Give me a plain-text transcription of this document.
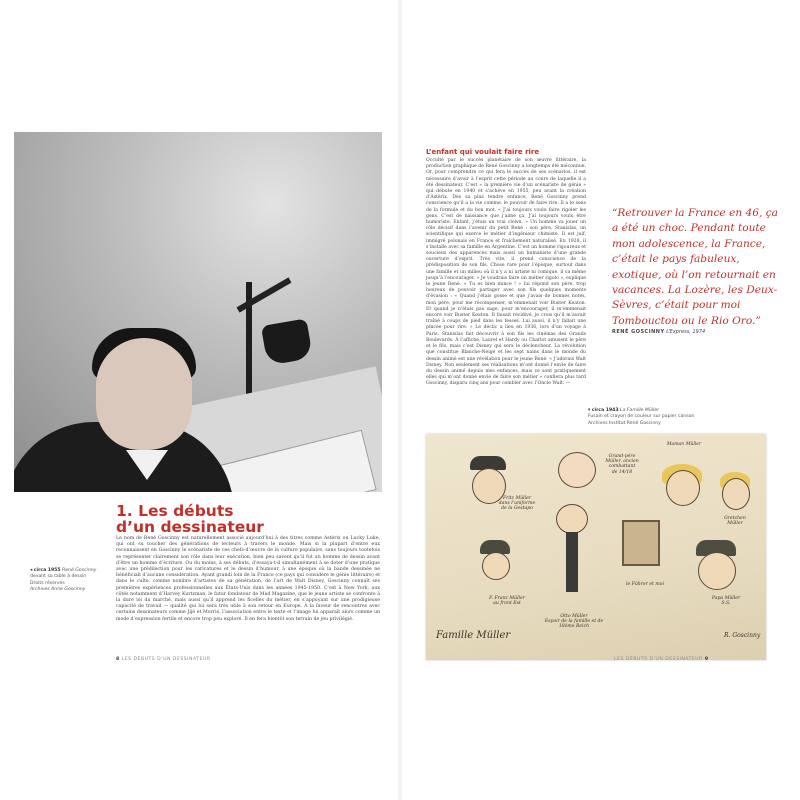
◂ circa 1955 René Goscinny
devant sa table à dessin
Droits réservés
Archives Anne Goscinny
1. Les débuts
d’un dessinateur

Le nom de René Goscinny est naturellement associé aujourd’hui à des titres comme Astérix ou Lucky Luke, qui ont su toucher des générations de lecteurs à travers le monde. Mais si la plupart d’entre eux reconnaissent en Goscinny le scénariste de ces chefs-d’œuvre de la culture populaire, sans toujours toutefois se représenter clairement son rôle dans leur exécution, bien peu savent qu’il fut un homme de dessin avant d’être un homme d’écriture. Ou du moins, à ses débuts, d’essaya-t-il simultanément à se doter d’une pratique avec une prédilection pour les caricatures et le dessin d’humour, à une époque où la bande dessinée ne bénéficiait d’aucune considération. Ayant grandi loin de la France (ce pays qui considère le génie littéraire) et dans le culte, comme nombre d’artistes de sa génération, de l’art de Walt Disney, Goscinny connaît ses premières expériences professionnelles aux États-Unis dans les années 1945-1950. C’est à New York, aux côtés notamment d’Harvey Kurtzman, le futur fondateur de Mad Magazine, que le jeune artiste se confronte à la dure loi du marché, mais aussi qu’il apprend les ficelles du métier, en s’appuyant sur une prodigieuse capacité de travail — qualité qui lui sera très utile à son retour en Europe. À la faveur de rencontres avec certains dessinateurs comme Jijé et Morris, l’association entre le texte et l’image lui apparaît alors comme un mode d’expression fertile et encore trop peu exploré. Il en fera bientôt son terrain de jeu privilégié.

8 LES DÉBUTS D’UN DESSINATEUR
L’enfant qui voulait faire rire

Occulté par le succès planétaire de son œuvre littéraire, la production graphique de René Goscinny a longtemps été méconnue. Or, pour comprendre ce qui fera le succès de ses scénarios, il est nécessaire d’avoir à l’esprit cette période au cours de laquelle il a été dessinateur. C’est « la première vie d’un scénariste de génie » qui débute en 1940 et s’achève en 1955, peu avant la création d’Astérix. Dès sa plus tendre enfance, René Goscinny prend conscience qu’il a la vie comme, le pouvoir de faire rire. Il a le sens de la formule et du bon mot. « J’ai toujours voulu faire rigoler les gens. C’est de naissance que j’aime ça. J’ai toujours voulu être humoriste. Enfant, j’étais un vrai clown. » Un homme va jouer un rôle décisif dans l’avenir du petit René : son père, Stanislas, un scientifique qui exerce le métier d’ingénieur chimiste. Il est juif, immigré polonais en France et fraîchement naturalisé. En 1928, il s’installe avec sa famille en Argentine. C’est un homme rigoureux et soucieux des apparences mais aussi un humaniste d’une grande ouverture d’esprit. Très vite, il prend conscience de la prédisposition de son fils. Chose rare pour l’époque, surtout dans une famille et un milieu où il n’y a ni artiste ni comique, il va même jusqu’à l’encourager. « Je voudrais faire un métier rigolo », explique le jeune René. « Tu es bien mince ! » lui répond son père, trop heureux de pouvoir partager avec son fils quelques moments d’évasion : « Quand j’étais gosse et que j’avais de bonnes notes, mon père, pour me récompenser, m’emmenait voir Buster Keaton. Et quand je n’étais pas sage, pour m’encourager, il m’emmenait encore voir Buster Keaton. Il faisait récidivé, je crois qu’il m’aurait traîné à coups de pied dans les fesses. Lui aussi, il n’y fallait une pincée pour rire. » Le déclic a lieu en 1936, lors d’un voyage à Paris. Stanislas fait découvrir à son fils les cinémas des Grands Boulevards. À l’affiche, Laurel et Hardy ou Charlot amusent le père et le fils, mais c’est Disney qui sera le déclencheur. La révolution que constitue Blanche-Neige et les sept nains dans le monde du dessin animé est une révélation pour le jeune René. « J’adorais Walt Disney. Non seulement ses réalisations m’ont donné l’envie de faire du dessin animé depuis mes enfances, mais ce sont pratiquement elles qui m’ont donné envie de faire son métier » confiera plus tard Goscinny, disparu cinq ans pour combler avec l’Oncle Walt. —

“Retrouver la France en 46, ça a été un choc. Pendant toute mon adolescence, la France, c’était le pays fabuleux, exotique, où l’on retournait en vacances. La Lozère, les Deux-Sèvres, c’était pour moi Tombouctou ou le Rio Oro.”
RENÉ GOSCINNY L’Express, 1974
▾ circa 1943 La Famille Müller
Fusain et crayon de couleur sur papier canson
Archives Institut René Goscinny
Fritz Müller
dans l’uniforme
de la Gestapo
Grand-père
Müller, ancien
combattant
de 14/18
Maman Müller
Gretchen
Müller
F. Franz Müller
au front Est
Otto Müller
Espoir de la famille et de
18ème Reich
le Führer et moi
Papa Müller
S.S.
Famille Müller	R. Goscinny
LES DÉBUTS D’UN DESSINATEUR 9
